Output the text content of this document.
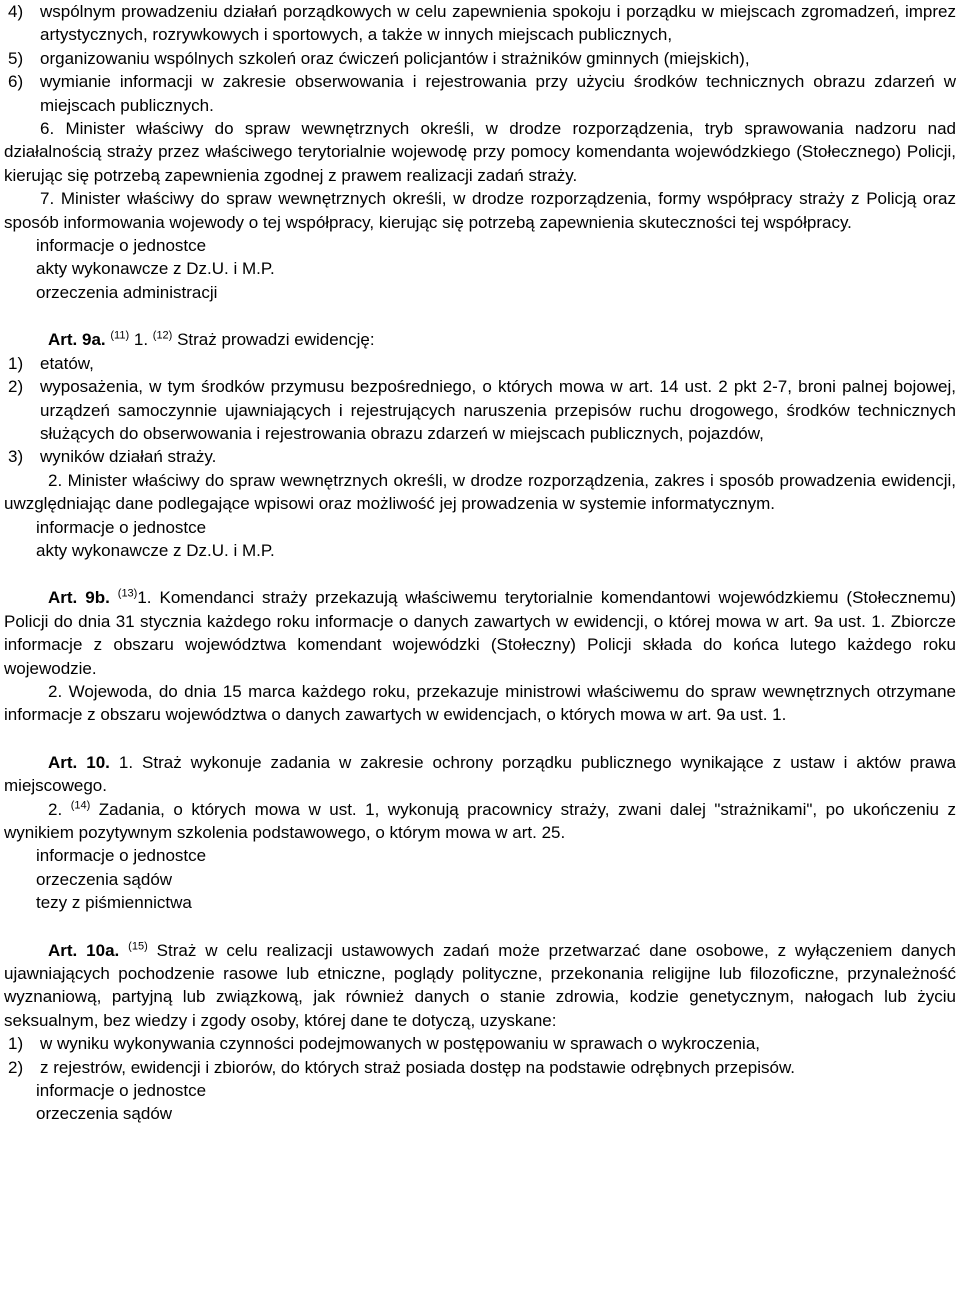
4) wspólnym prowadzeniu działań porządkowych w celu zapewnienia spokoju i porządku w miejscach zgromadzeń, imprez artystycznych, rozrywkowych i sportowych, a także w innych miejscach publicznych,
5) organizowaniu wspólnych szkoleń oraz ćwiczeń policjantów i strażników gminnych (miejskich),
6) wymianie informacji w zakresie obserwowania i rejestrowania przy użyciu środków technicznych obrazu zdarzeń w miejscach publicznych.

6. Minister właściwy do spraw wewnętrznych określi, w drodze rozporządzenia, tryb sprawowania nadzoru nad działalnością straży przez właściwego terytorialnie wojewodę przy pomocy komendanta wojewódzkiego (Stołecznego) Policji, kierując się potrzebą zapewnienia zgodnej z prawem realizacji zadań straży.

7. Minister właściwy do spraw wewnętrznych określi, w drodze rozporządzenia, formy współpracy straży z Policją oraz sposób informowania wojewody o tej współpracy, kierując się potrzebą zapewnienia skuteczności tej współpracy.

informacje o jednostce

akty wykonawcze z Dz.U. i M.P.

orzeczenia administracji

Art. 9a. $^{(11)}$ 1. $^{(12)}$ Straż prowadzi ewidencję:

1) etatów,
2) wyposażenia, w tym środków przymusu bezpośredniego, o których mowa w art. 14 ust. 2 pkt 2-7, broni palnej bojowej, urządzeń samoczynnie ujawniających i rejestrujących naruszenia przepisów ruchu drogowego, środków technicznych służących do obserwowania i rejestrowania obrazu zdarzeń w miejscach publicznych, pojazdów,
3) wyników działań straży.

2. Minister właściwy do spraw wewnętrznych określi, w drodze rozporządzenia, zakres i sposób prowadzenia ewidencji, uwzględniając dane podlegające wpisowi oraz możliwość jej prowadzenia w systemie informatycznym.

informacje o jednostce

akty wykonawcze z Dz.U. i M.P.

Art. 9b. $^{(13)}$1. Komendanci straży przekazują właściwemu terytorialnie komendantowi wojewódzkiemu (Stołecznemu) Policji do dnia 31 stycznia każdego roku informacje o danych zawartych w ewidencji, o której mowa w art. 9a ust. 1. Zbiorcze informacje z obszaru województwa komendant wojewódzki (Stołeczny) Policji składa do końca lutego każdego roku wojewodzie.

2. Wojewoda, do dnia 15 marca każdego roku, przekazuje ministrowi właściwemu do spraw wewnętrznych otrzymane informacje z obszaru województwa o danych zawartych w ewidencjach, o których mowa w art. 9a ust. 1.

Art. 10. 1. Straż wykonuje zadania w zakresie ochrony porządku publicznego wynikające z ustaw i aktów prawa miejscowego.

2. $^{(14)}$ Zadania, o których mowa w ust. 1, wykonują pracownicy straży, zwani dalej "strażnikami", po ukończeniu z wynikiem pozytywnym szkolenia podstawowego, o którym mowa w art. 25.

informacje o jednostce

orzeczenia sądów

tezy z piśmiennictwa

Art. 10a. $^{(15)}$ Straż w celu realizacji ustawowych zadań może przetwarzać dane osobowe, z wyłączeniem danych ujawniających pochodzenie rasowe lub etniczne, poglądy polityczne, przekonania religijne lub filozoficzne, przynależność wyznaniową, partyjną lub związkową, jak również danych o stanie zdrowia, kodzie genetycznym, nałogach lub życiu seksualnym, bez wiedzy i zgody osoby, której dane te dotyczą, uzyskane:

1) w wyniku wykonywania czynności podejmowanych w postępowaniu w sprawach o wykroczenia,
2) z rejestrów, ewidencji i zbiorów, do których straż posiada dostęp na podstawie odrębnych przepisów.

informacje o jednostce

orzeczenia sądów
